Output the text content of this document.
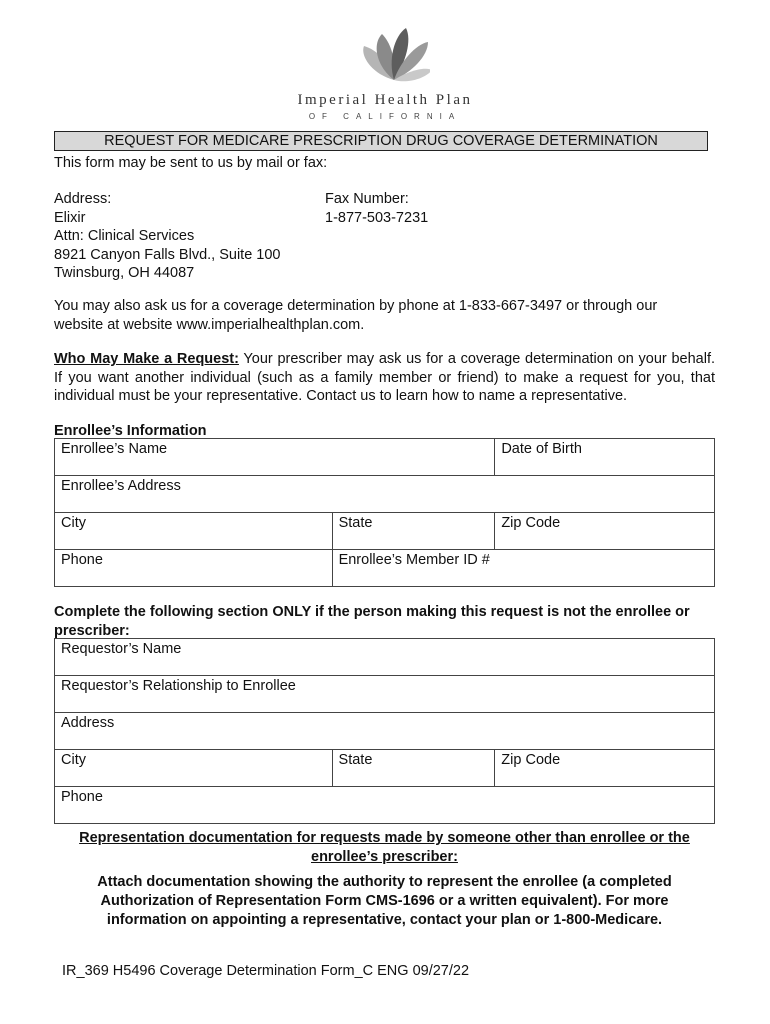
Imperial Health Plan
OF CALIFORNIA
REQUEST FOR MEDICARE PRESCRIPTION DRUG COVERAGE DETERMINATION
This form may be sent to us by mail or fax:
Address:
Elixir
Attn: Clinical Services
8921 Canyon Falls Blvd., Suite 100
Twinsburg, OH 44087
Fax Number:
1-877-503-7231
You may also ask us for a coverage determination by phone at 1-833-667-3497 or through our website at website www.imperialhealthplan.com.
Who May Make a Request: Your prescriber may ask us for a coverage determination on your behalf. If you want another individual (such as a family member or friend) to make a request for you, that individual must be your representative. Contact us to learn how to name a representative.
Enrollee’s Information
Enrollee’s Name		Date of Birth
Enrollee’s Address		
City	State	Zip Code
Phone	Enrollee’s Member ID #	
Complete the following section ONLY if the person making this request is not the enrollee or prescriber:
Requestor’s Name
Requestor’s Relationship to Enrollee
Address
City	State	Zip Code
Phone
Representation documentation for requests made by someone other than enrollee or the enrollee’s prescriber:
Attach documentation showing the authority to represent the enrollee (a completed Authorization of Representation Form CMS-1696 or a written equivalent). For more information on appointing a representative, contact your plan or 1-800-Medicare.
IR_369 H5496 Coverage Determination Form_C ENG 09/27/22
